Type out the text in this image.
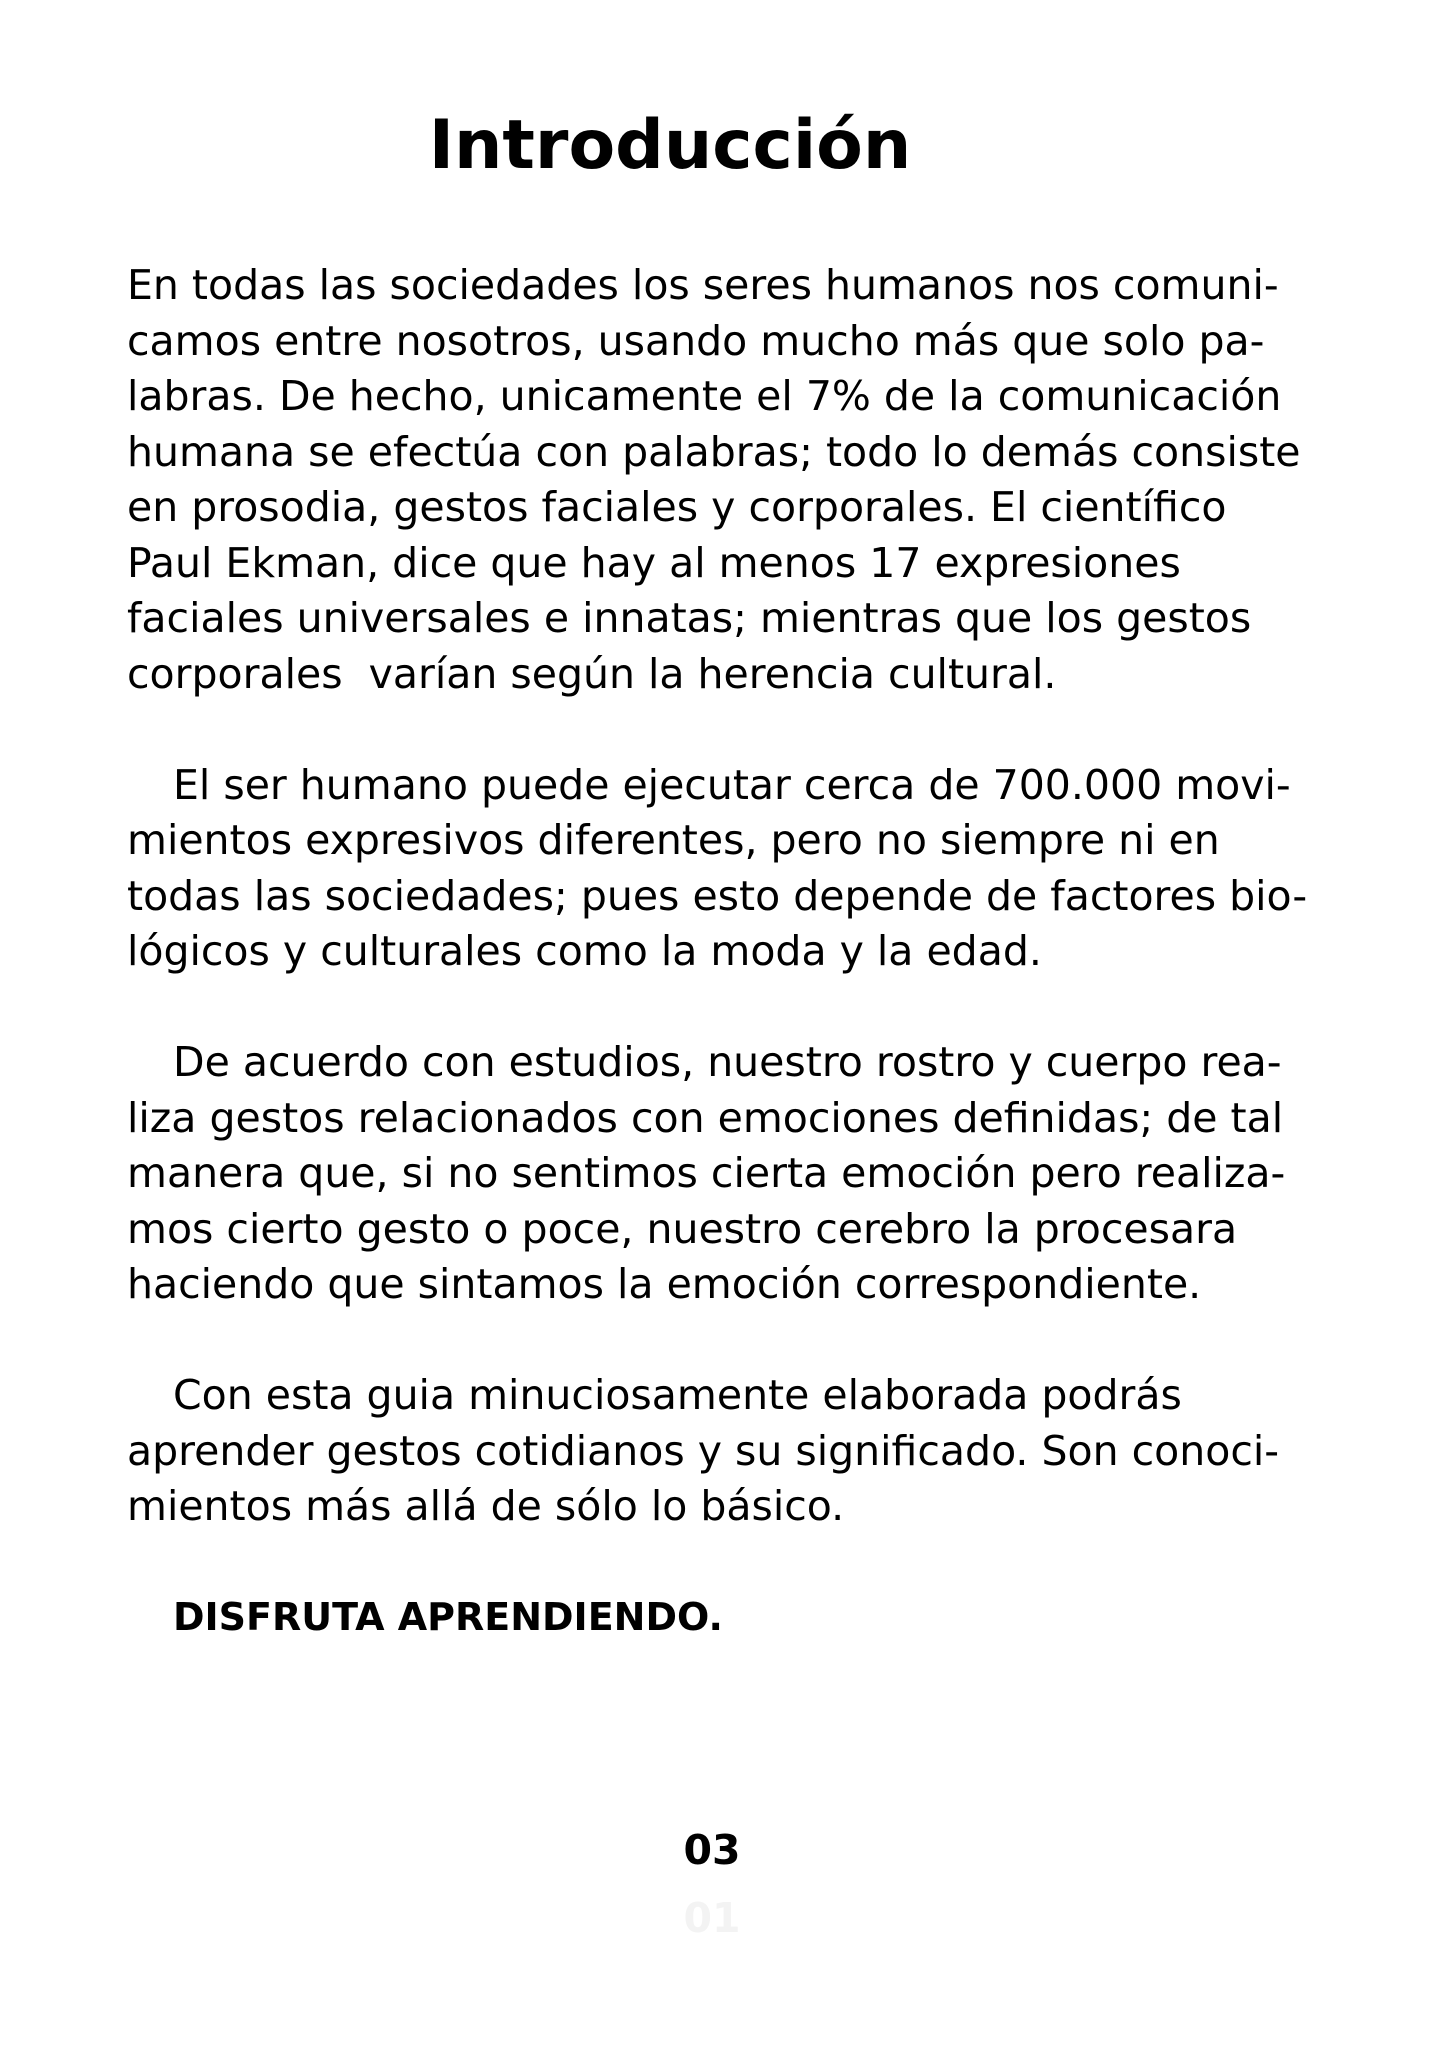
Introducción

En todas las sociedades los seres humanos nos comuni-
camos entre nosotros, usando mucho más que solo pa-
labras. De hecho, unicamente el 7% de la comunicación
humana se efectúa con palabras; todo lo demás consiste
en prosodia, gestos faciales y corporales. El científico
Paul Ekman, dice que hay al menos 17 expresiones
faciales universales e innatas; mientras que los gestos
corporales  varían según la herencia cultural.

El ser humano puede ejecutar cerca de 700.000 movi-
mientos expresivos diferentes, pero no siempre ni en
todas las sociedades; pues esto depende de factores bio-
lógicos y culturales como la moda y la edad.

De acuerdo con estudios, nuestro rostro y cuerpo rea-
liza gestos relacionados con emociones definidas; de tal
manera que, si no sentimos cierta emoción pero realiza-
mos cierto gesto o poce, nuestro cerebro la procesara
haciendo que sintamos la emoción correspondiente.

Con esta guia minuciosamente elaborada podrás
aprender gestos cotidianos y su significado. Son conoci-
mientos más allá de sólo lo básico.

DISFRUTA APRENDIENDO.

03
01
